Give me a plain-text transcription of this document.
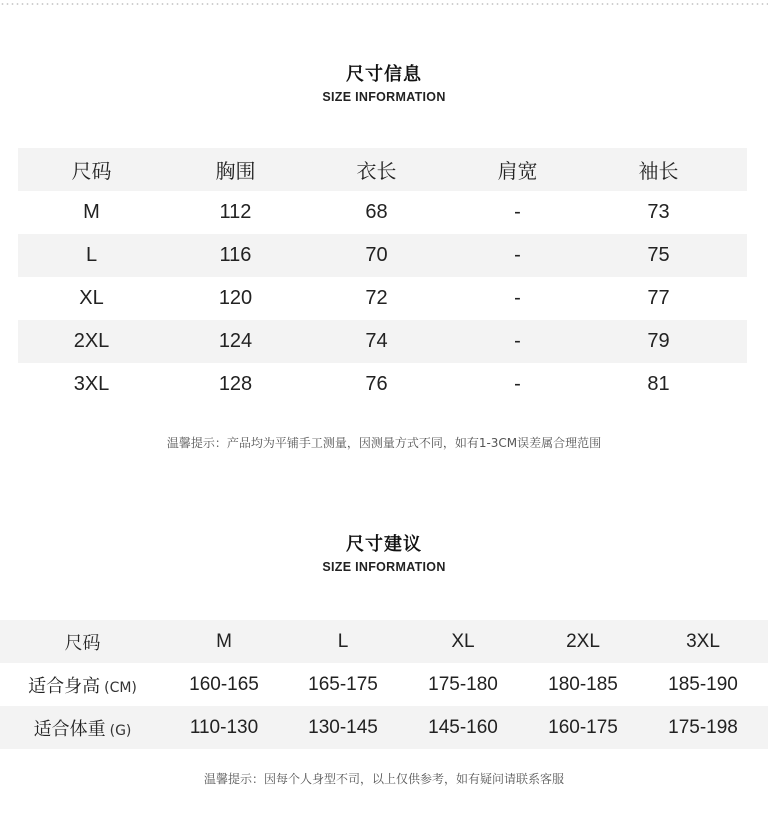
尺寸信息
SIZE INFORMATION
尺码	胸围	衣长	肩宽	袖长
M	112	68	-	73
L	116	70	-	75
XL	120	72	-	77
2XL	124	74	-	79
3XL	128	76	-	81
温馨提示：产品均为平铺手工测量，因测量方式不同，如有1-3CM误差属合理范围
尺寸建议
SIZE INFORMATION
尺码	M	L	XL	2XL	3XL
适合身高 (CM)	160-165	165-175	175-180	180-185	185-190
适合体重 (G)	110-130	130-145	145-160	160-175	175-198
温馨提示：因每个人身型不司，以上仅供参考，如有疑问请联系客服
